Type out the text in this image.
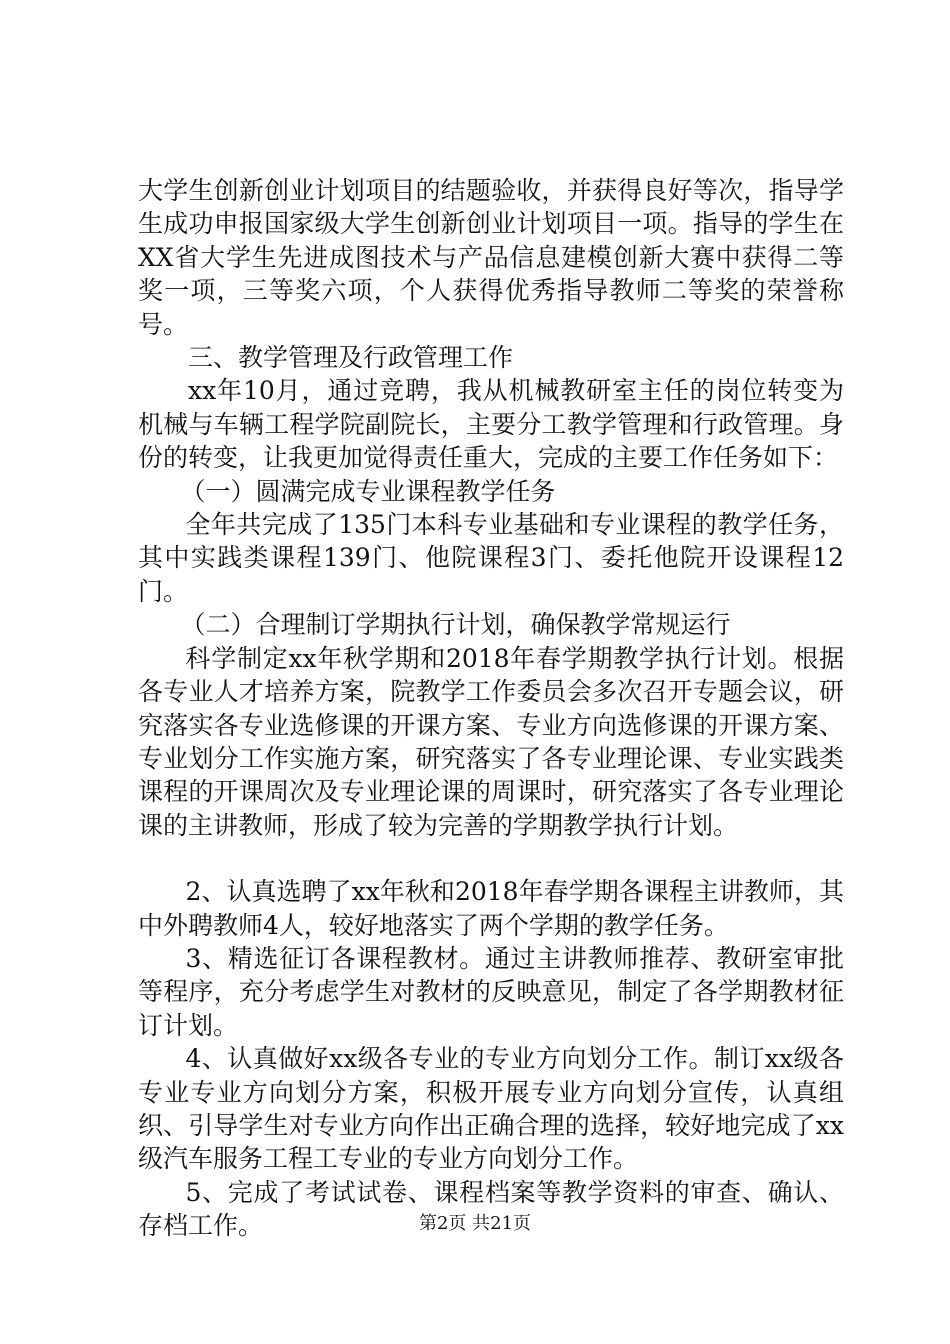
大学生创新创业计划项目的结题验收，并获得良好等次，指导学生成功申报国家级大学生创新创业计划项目一项。指导的学生在XX省大学生先进成图技术与产品信息建模创新大赛中获得二等奖一项，三等奖六项，个人获得优秀指导教师二等奖的荣誉称号。

三、教学管理及行政管理工作

xx年10月，通过竞聘，我从机械教研室主任的岗位转变为机械与车辆工程学院副院长，主要分工教学管理和行政管理。身份的转变，让我更加觉得责任重大，完成的主要工作任务如下：

（一）圆满完成专业课程教学任务

全年共完成了135门本科专业基础和专业课程的教学任务，其中实践类课程139门、他院课程3门、委托他院开设课程12门。

（二）合理制订学期执行计划，确保教学常规运行

科学制定xx年秋学期和2018年春学期教学执行计划。根据各专业人才培养方案，院教学工作委员会多次召开专题会议，研究落实各专业选修课的开课方案、专业方向选修课的开课方案、专业划分工作实施方案，研究落实了各专业理论课、专业实践类课程的开课周次及专业理论课的周课时，研究落实了各专业理论课的主讲教师，形成了较为完善的学期教学执行计划。

2、认真选聘了xx年秋和2018年春学期各课程主讲教师，其中外聘教师4人，较好地落实了两个学期的教学任务。

3、精选征订各课程教材。通过主讲教师推荐、教研室审批等程序，充分考虑学生对教材的反映意见，制定了各学期教材征订计划。

4、认真做好xx级各专业的专业方向划分工作。制订xx级各专业专业方向划分方案，积极开展专业方向划分宣传，认真组织、引导学生对专业方向作出正确合理的选择，较好地完成了xx级汽车服务工程工专业的专业方向划分工作。

5、完成了考试试卷、课程档案等教学资料的审查、确认、存档工作。	第2页 共21页
